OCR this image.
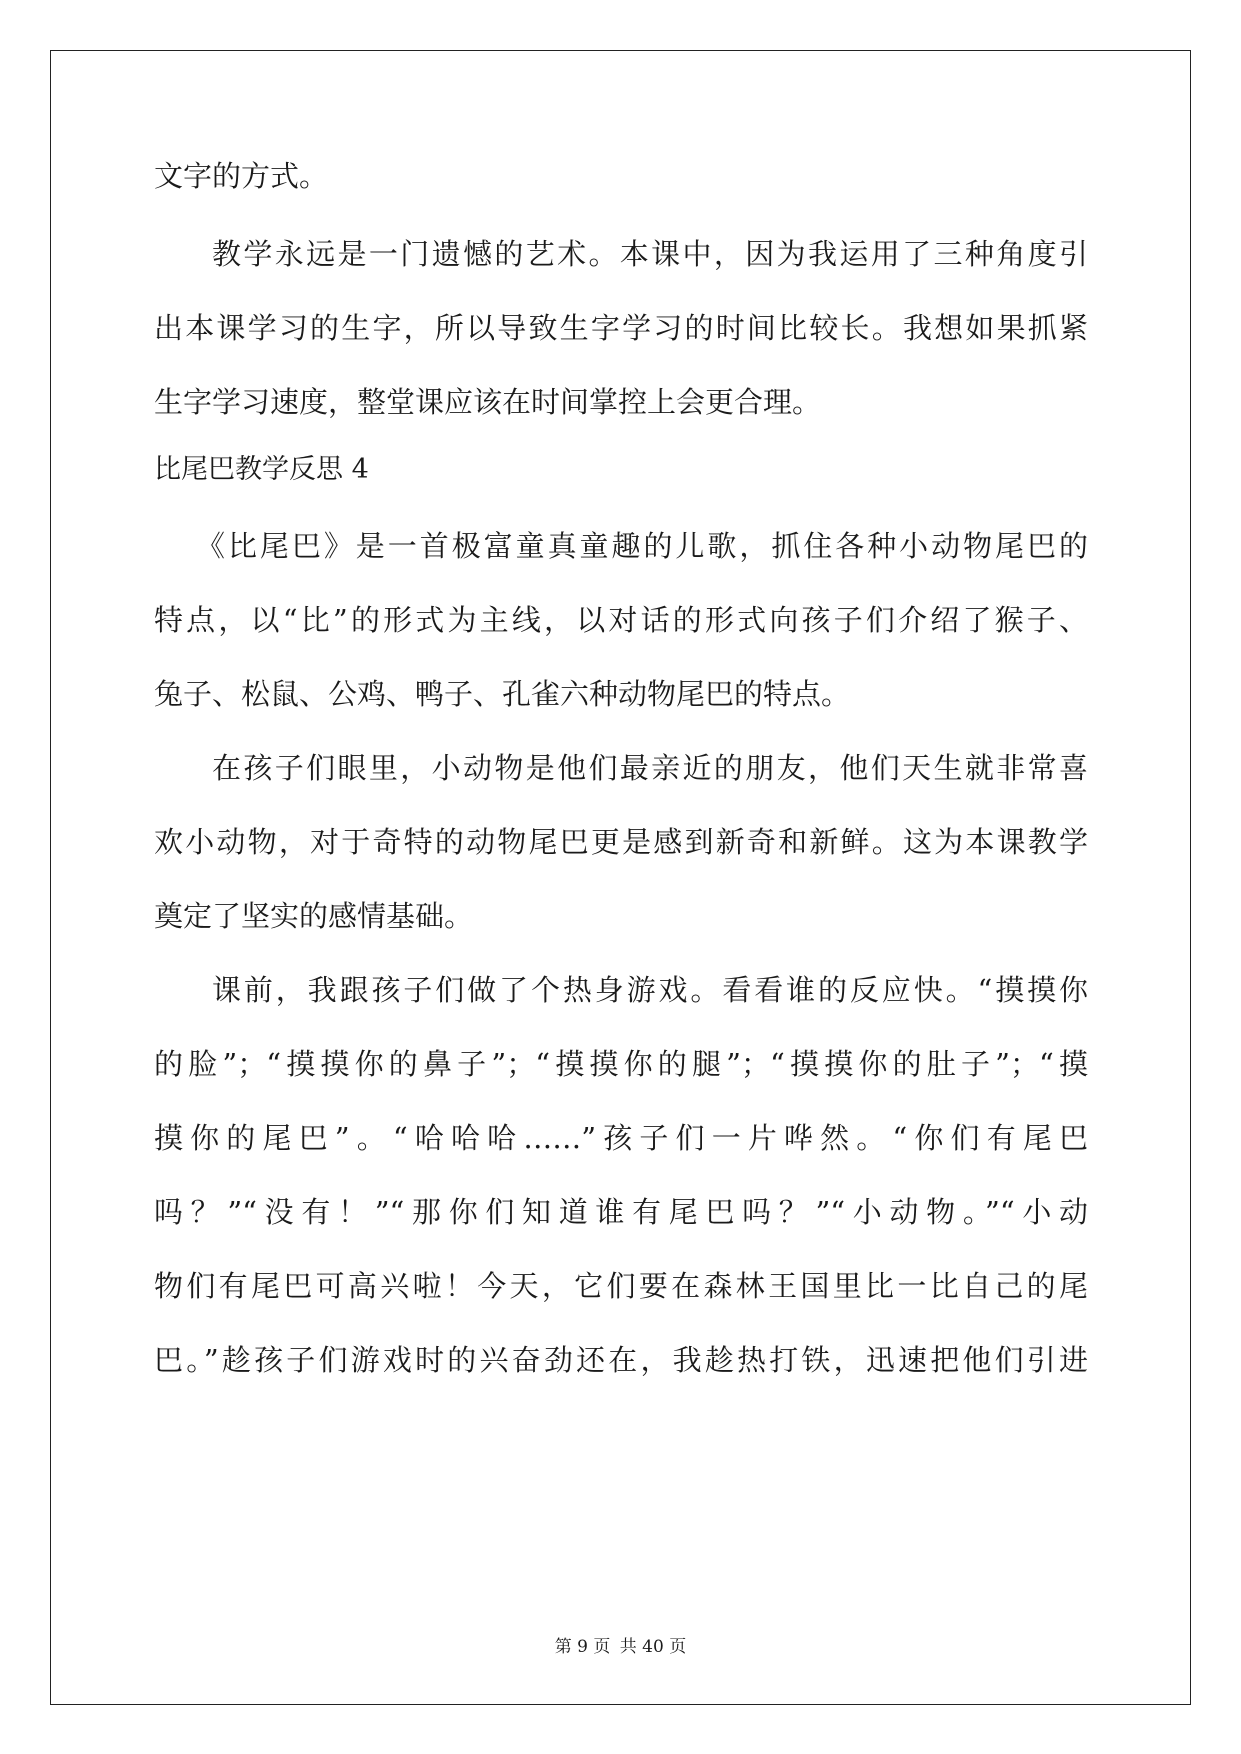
文字的方式。
教学永远是一门遗憾的艺术。本课中，因为我运用了三种角度引
出本课学习的生字，所以导致生字学习的时间比较长。我想如果抓紧
生字学习速度，整堂课应该在时间掌控上会更合理。
比尾巴教学反思 4
《比尾巴》是一首极富童真童趣的儿歌，抓住各种小动物尾巴的
特点，以“比”的形式为主线，以对话的形式向孩子们介绍了猴子、
兔子、松鼠、公鸡、鸭子、孔雀六种动物尾巴的特点。
在孩子们眼里，小动物是他们最亲近的朋友，他们天生就非常喜
欢小动物，对于奇特的动物尾巴更是感到新奇和新鲜。这为本课教学
奠定了坚实的感情基础。
课前，我跟孩子们做了个热身游戏。看看谁的反应快。“摸摸你
的脸”；“摸摸你的鼻子”；“摸摸你的腿”；“摸摸你的肚子”；“摸
摸你的尾巴”。“哈哈哈……”孩子们一片哗然。“你们有尾巴
吗？”“没有！”“那你们知道谁有尾巴吗？”“小动物。”“小动
物们有尾巴可高兴啦！今天，它们要在森林王国里比一比自己的尾
巴。”趁孩子们游戏时的兴奋劲还在，我趁热打铁，迅速把他们引进
第 9 页 共 40 页
